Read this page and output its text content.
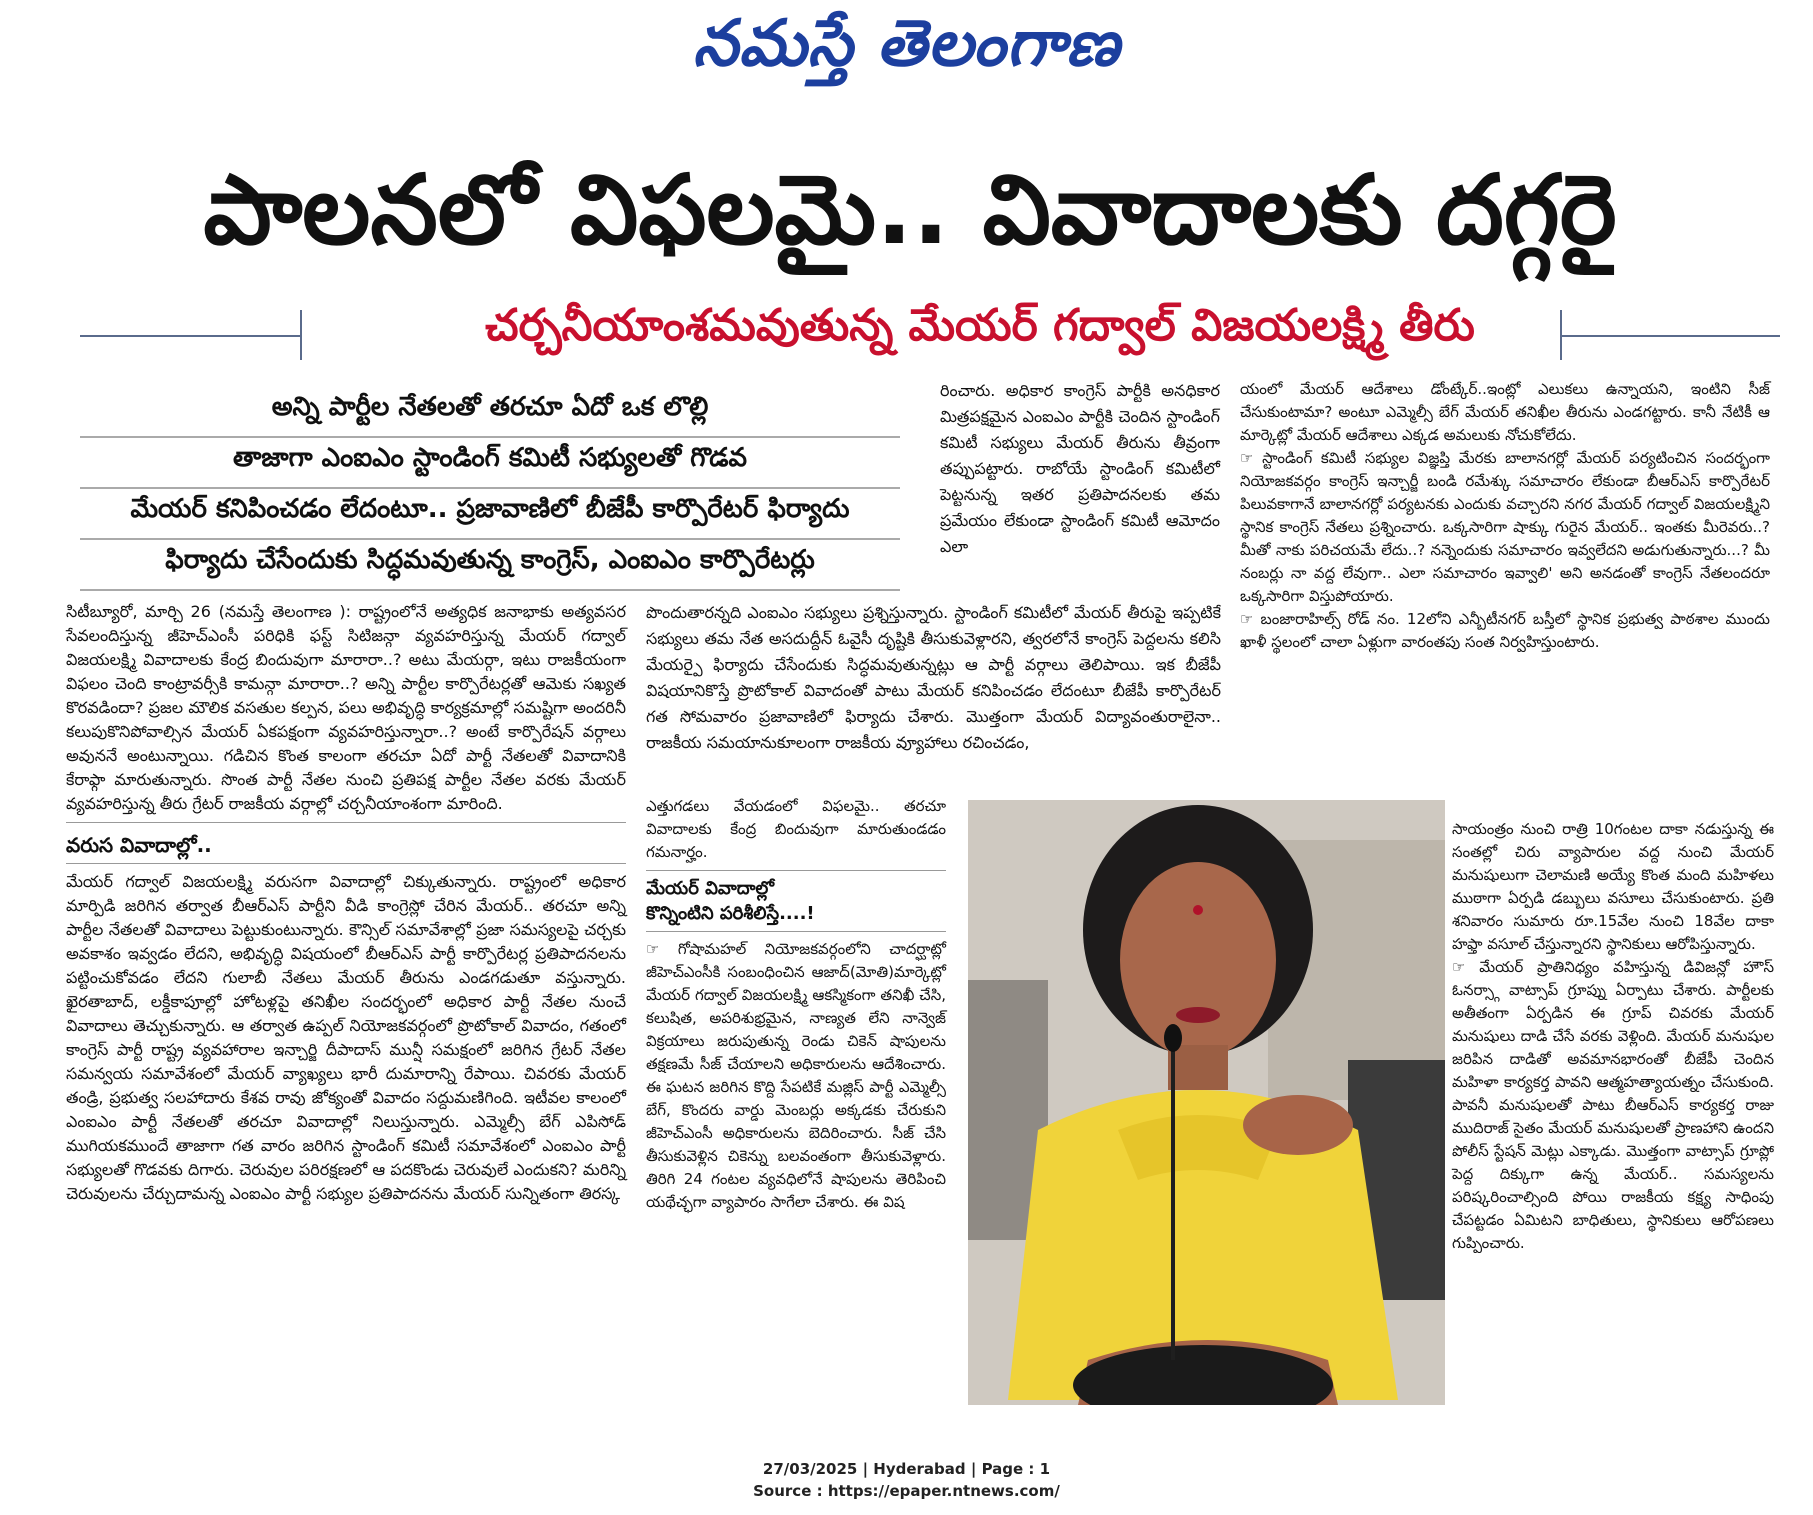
నమస్తే తెలంగాణ
పాలనలో విఫలమై.. వివాదాలకు దగ్గరై
చర్చనీయాంశమవుతున్న మేయర్ గద్వాల్ విజయలక్ష్మి తీరు
అన్ని పార్టీల నేతలతో తరచూ ఏదో ఒక లొల్లి
తాజాగా ఎంఐఎం స్టాండింగ్ కమిటీ సభ్యులతో గొడవ
మేయర్ కనిపించడం లేదంటూ.. ప్రజావాణిలో బీజేపీ కార్పొరేటర్ ఫిర్యాదు
ఫిర్యాదు చేసేందుకు సిద్ధమవుతున్న కాంగ్రెస్, ఎంఐఎం కార్పొరేటర్లు

సిటీబ్యూరో, మార్చి 26 (నమస్తే తెలంగాణ ): రాష్ట్రంలోనే అత్యధిక జనాభాకు అత్యవసర సేవలందిస్తున్న జీహెచ్ఎంసీ పరిధికి ఫస్ట్ సిటిజన్గా వ్యవహరిస్తున్న మేయర్ గద్వాల్ విజయలక్ష్మి వివాదాలకు కేంద్ర బిందువుగా మారారా..? అటు మేయర్గా, ఇటు రాజకీయంగా విఫలం చెంది కాంట్రావర్సీకి కామన్గా మారారా..? అన్ని పార్టీల కార్పొరేటర్లతో ఆమెకు సఖ్యత కొరవడిందా? ప్రజల మౌలిక వసతుల కల్పన, పలు అభివృద్ధి కార్యక్రమాల్లో సమష్టిగా అందరినీ కలుపుకొనిపోవాల్సిన మేయర్ ఏకపక్షంగా వ్యవహరిస్తున్నారా..? అంటే కార్పొరేషన్ వర్గాలు అవుననే అంటున్నాయి. గడిచిన కొంత కాలంగా తరచూ ఏదో పార్టీ నేతలతో వివాదానికి కేరాఫ్గా మారుతున్నారు. సొంత పార్టీ నేతల నుంచి ప్రతిపక్ష పార్టీల నేతల వరకు మేయర్ వ్యవహరిస్తున్న తీరు గ్రేటర్ రాజకీయ వర్గాల్లో చర్చనీయాంశంగా మారింది.

వరుస వివాదాల్లో..

మేయర్ గద్వాల్ విజయలక్ష్మి వరుసగా వివాదాల్లో చిక్కుతున్నారు. రాష్ట్రంలో అధికార మార్పిడి జరిగిన తర్వాత బీఆర్ఎస్ పార్టీని వీడి కాంగ్రెస్లో చేరిన మేయర్.. తరచూ అన్ని పార్టీల నేతలతో వివాదాలు పెట్టుకుంటున్నారు. కౌన్సిల్ సమావేశాల్లో ప్రజా సమస్యలపై చర్చకు అవకాశం ఇవ్వడం లేదని, అభివృద్ధి విషయంలో బీఆర్ఎస్ పార్టీ కార్పొరేటర్ల ప్రతిపాదనలను పట్టించుకోవడం లేదని గులాబీ నేతలు మేయర్ తీరును ఎండగడుతూ వస్తున్నారు. ఖైరతాబాద్, లక్డీకాపూల్లో హోటళ్లపై తనిఖీల సందర్భంలో అధికార పార్టీ నేతల నుంచే వివాదాలు తెచ్చుకున్నారు. ఆ తర్వాత ఉప్పల్ నియోజకవర్గంలో ప్రొటోకాల్ వివాదం, గతంలో కాంగ్రెస్ పార్టీ రాష్ట్ర వ్యవహారాల ఇన్చార్జి దీపాదాస్ మున్షీ సమక్షంలో జరిగిన గ్రేటర్ నేతల సమన్వయ సమావేశంలో మేయర్ వ్యాఖ్యలు భారీ దుమారాన్ని రేపాయి. చివరకు మేయర్ తండ్రి, ప్రభుత్వ సలహాదారు కేశవ రావు జోక్యంతో వివాదం సద్దుమణిగింది. ఇటీవల కాలంలో ఎంఐఎం పార్టీ నేతలతో తరచూ వివాదాల్లో నిలుస్తున్నారు. ఎమ్మెల్సీ బేగ్ ఎపిసోడ్ ముగియకముందే తాజాగా గత వారం జరిగిన స్టాండింగ్ కమిటీ సమావేశంలో ఎంఐఎం పార్టీ సభ్యులతో గొడవకు దిగారు. చెరువుల పరిరక్షణలో ఆ పదకొండు చెరువులే ఎందుకని? మరిన్ని చెరువులను చేర్చుదామన్న ఎంఐఎం పార్టీ సభ్యుల ప్రతిపాదనను మేయర్ సున్నితంగా తిరస్క

రించారు. అధికార కాంగ్రెస్ పార్టీకి అనధికార మిత్రపక్షమైన ఎంఐఎం పార్టీకి చెందిన స్టాండింగ్ కమిటీ సభ్యులు మేయర్ తీరును తీవ్రంగా తప్పుపట్టారు. రాబోయే స్టాండింగ్ కమిటీలో పెట్టనున్న ఇతర ప్రతిపాదనలకు తమ ప్రమేయం లేకుండా స్టాండింగ్ కమిటీ ఆమోదం ఎలా

పొందుతారన్నది ఎంఐఎం సభ్యులు ప్రశ్నిస్తున్నారు. స్టాండింగ్ కమిటీలో మేయర్ తీరుపై ఇప్పటికే సభ్యులు తమ నేత అసదుద్దీన్ ఓవైసీ దృష్టికి తీసుకువెళ్లారని, త్వరలోనే కాంగ్రెస్ పెద్దలను కలిసి మేయర్పై ఫిర్యాదు చేసేందుకు సిద్ధమవుతున్నట్లు ఆ పార్టీ వర్గాలు తెలిపాయి. ఇక బీజేపీ విషయానికొస్తే ప్రొటోకాల్ వివాదంతో పాటు మేయర్ కనిపించడం లేదంటూ బీజేపీ కార్పొరేటర్ గత సోమవారం ప్రజావాణిలో ఫిర్యాదు చేశారు. మొత్తంగా మేయర్ విద్యావంతురాలైనా.. రాజకీయ సమయానుకూలంగా రాజకీయ వ్యూహాలు రచించడం,

ఎత్తుగడలు వేయడంలో విఫలమై.. తరచూ వివాదాలకు కేంద్ర బిందువుగా మారుతుండడం గమనార్హం.

మేయర్ వివాదాల్లో
కొన్నింటిని పరిశీలిస్తే....!

☞ గోషామహల్ నియోజకవర్గంలోని చాదర్ఘాట్లో జీహెచ్ఎంసీకి సంబంధించిన ఆజాద్(మోతి)మార్కెట్లో మేయర్ గద్వాల్ విజయలక్ష్మి ఆకస్మికంగా తనిఖీ చేసి, కలుషిత, అపరిశుభ్రమైన, నాణ్యత లేని నాన్వెజ్ విక్రయాలు జరుపుతున్న రెండు చికెన్ షాపులను తక్షణమే సీజ్ చేయాలని అధికారులను ఆదేశించారు. ఈ ఘటన జరిగిన కొద్ది సేపటికే మజ్లిస్ పార్టీ ఎమ్మెల్సీ బేగ్, కొందరు వార్డు మెంబర్లు అక్కడకు చేరుకుని జీహెచ్ఎంసీ అధికారులను బెదిరించారు. సీజ్ చేసి తీసుకువెళ్లిన చికెన్ను బలవంతంగా తీసుకువెళ్లారు. తిరిగి 24 గంటల వ్యవధిలోనే షాపులను తెరిపించి యథేచ్ఛగా వ్యాపారం సాగేలా చేశారు. ఈ విష

యంలో మేయర్ ఆదేశాలు డోంట్కేర్..ఇంట్లో ఎలుకలు ఉన్నాయని, ఇంటిని సీజ్ చేసుకుంటామా? అంటూ ఎమ్మెల్సీ బేగ్ మేయర్ తనిఖీల తీరును ఎండగట్టారు. కానీ నేటికీ ఆ మార్కెట్లో మేయర్ ఆదేశాలు ఎక్కడ అమలుకు నోచుకోలేదు.

☞ స్టాండింగ్ కమిటీ సభ్యుల విజ్ఞప్తి మేరకు బాలానగర్లో మేయర్ పర్యటించిన సందర్భంగా నియోజకవర్గం కాంగ్రెస్ ఇన్చార్జీ బండి రమేశ్కు సమాచారం లేకుండా బీఆర్ఎస్ కార్పొరేటర్ పిలువకాగానే బాలానగర్లో పర్యటనకు ఎందుకు వచ్చారని నగర మేయర్ గద్వాల్ విజయలక్ష్మిని స్థానిక కాంగ్రెస్ నేతలు ప్రశ్నించారు. ఒక్కసారిగా షాక్కు గురైన మేయర్.. ఇంతకు మీరెవరు..? మీతో నాకు పరిచయమే లేదు..? నన్నెందుకు సమాచారం ఇవ్వలేదని అడుగుతున్నారు...? మీ నంబర్లు నా వద్ద లేవుగా.. ఎలా సమాచారం ఇవ్వాలి' అని అనడంతో కాంగ్రెస్ నేతలందరూ ఒక్కసారిగా విస్తుపోయారు.

☞ బంజారాహిల్స్ రోడ్ నం. 12లోని ఎన్బీటీనగర్ బస్తీలో స్థానిక ప్రభుత్వ పాఠశాల ముందు ఖాళీ స్థలంలో చాలా ఏళ్లుగా వారంతపు సంత నిర్వహిస్తుంటారు.

సాయంత్రం నుంచి రాత్రి 10గంటల దాకా నడుస్తున్న ఈ సంతల్లో చిరు వ్యాపారుల వద్ద నుంచి మేయర్ మనుషులుగా చెలామణి అయ్యే కొంత మంది మహిళలు ముఠాగా ఏర్పడి డబ్బులు వసూలు చేసుకుంటారు. ప్రతి శనివారం సుమారు రూ.15వేల నుంచి 18వేల దాకా హఫ్తా వసూల్ చేస్తున్నారని స్థానికులు ఆరోపిస్తున్నారు.

☞ మేయర్ ప్రాతినిధ్యం వహిస్తున్న డివిజన్లో హౌస్ ఓనర్స్గా వాట్సాప్ గ్రూప్ను ఏర్పాటు చేశారు. పార్టీలకు అతీతంగా ఏర్పడిన ఈ గ్రూప్ చివరకు మేయర్ మనుషులు దాడి చేసే వరకు వెళ్లింది. మేయర్ మనుషుల జరిపిన దాడితో అవమానభారంతో బీజేపీ చెందిన మహిళా కార్యకర్త పావని ఆత్మహత్యాయత్నం చేసుకుంది. పావనీ మనుషులతో పాటు బీఆర్ఎస్ కార్యకర్త రాజు ముదిరాజ్ సైతం మేయర్ మనుషులతో ప్రాణహాని ఉందని పోలీస్ స్టేషన్ మెట్లు ఎక్కాడు. మొత్తంగా వాట్సాప్ గ్రూప్లో పెద్ద దిక్కుగా ఉన్న మేయర్.. సమస్యలను పరిష్కరించాల్సింది పోయి రాజకీయ కక్ష్య సాధింపు చేపట్టడం ఏమిటని బాధితులు, స్థానికులు ఆరోపణలు గుప్పించారు.

27/03/2025 | Hyderabad | Page : 1
Source : https://epaper.ntnews.com/
